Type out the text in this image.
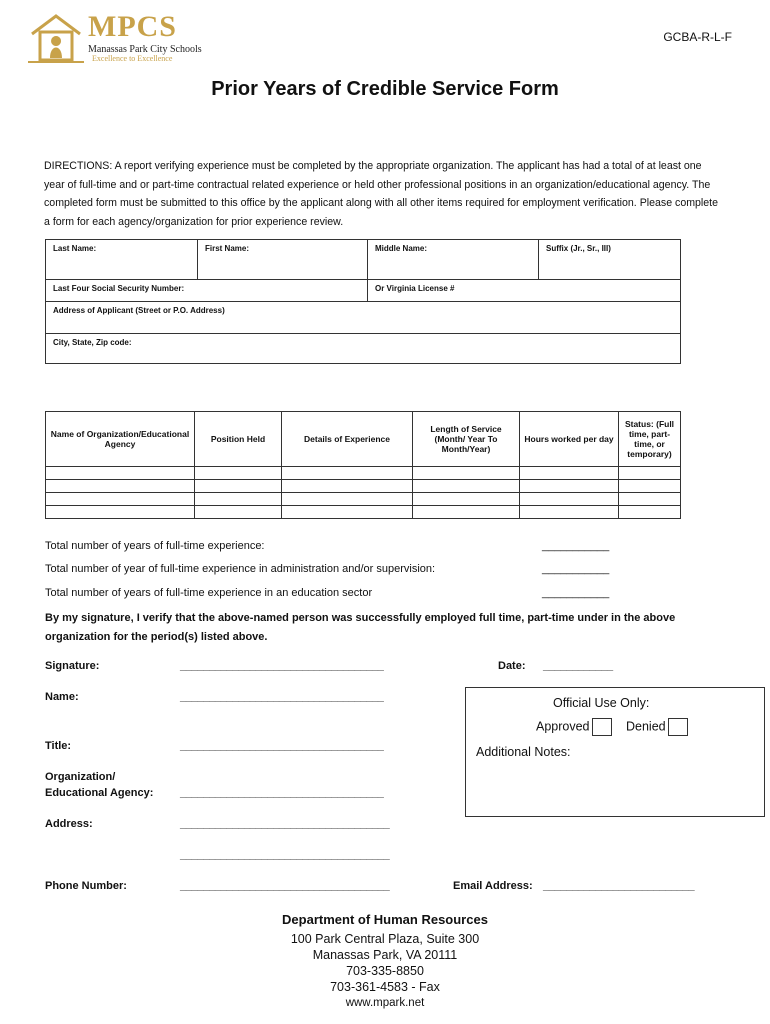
MPCS
Manassas Park City Schools
Excellence to Excellence
GCBA-R-L-F
Prior Years of Credible Service Form
DIRECTIONS: A report verifying experience must be completed by the appropriate organization. The applicant has had a total of at least one year of full-time and or part-time contractual related experience or held other professional positions in an organization/educational agency. The completed form must be submitted to this office by the applicant along with all other items required for employment verification. Please complete a form for each agency/organization for prior experience review.
Last Name:	First Name:	Middle Name:	Suffix (Jr., Sr., III)
Last Four Social Security Number:		Or Virginia License #	
Address of Applicant (Street or P.O. Address)			
City, State, Zip code:			
Name of Organization/Educational Agency	Position Held	Details of Experience	Length of Service (Month/ Year To Month/Year)	Hours worked per day	Status: (Full time, part-time, or temporary)

Total number of years of full-time experience:	___________
Total number of year of full-time experience in administration and/or supervision:	___________
Total number of years of full-time experience in an education sector	___________
By my signature, I verify that the above-named person was successfully employed full time, part-time under in the above organization for the period(s) listed above.
Signature:	___________________________________	Date: ____________
Name:	___________________________________
Title:	___________________________________
Organization/
Educational Agency: ___________________________________
Address:	____________________________________
____________________________________
Phone Number:	____________________________________	Email Address: __________________________
Official Use Only:
Approved	Denied
Additional Notes:
Department of Human Resources
100 Park Central Plaza, Suite 300
Manassas Park, VA 20111
703-335-8850
703-361-4583 - Fax
www.mpark.net
